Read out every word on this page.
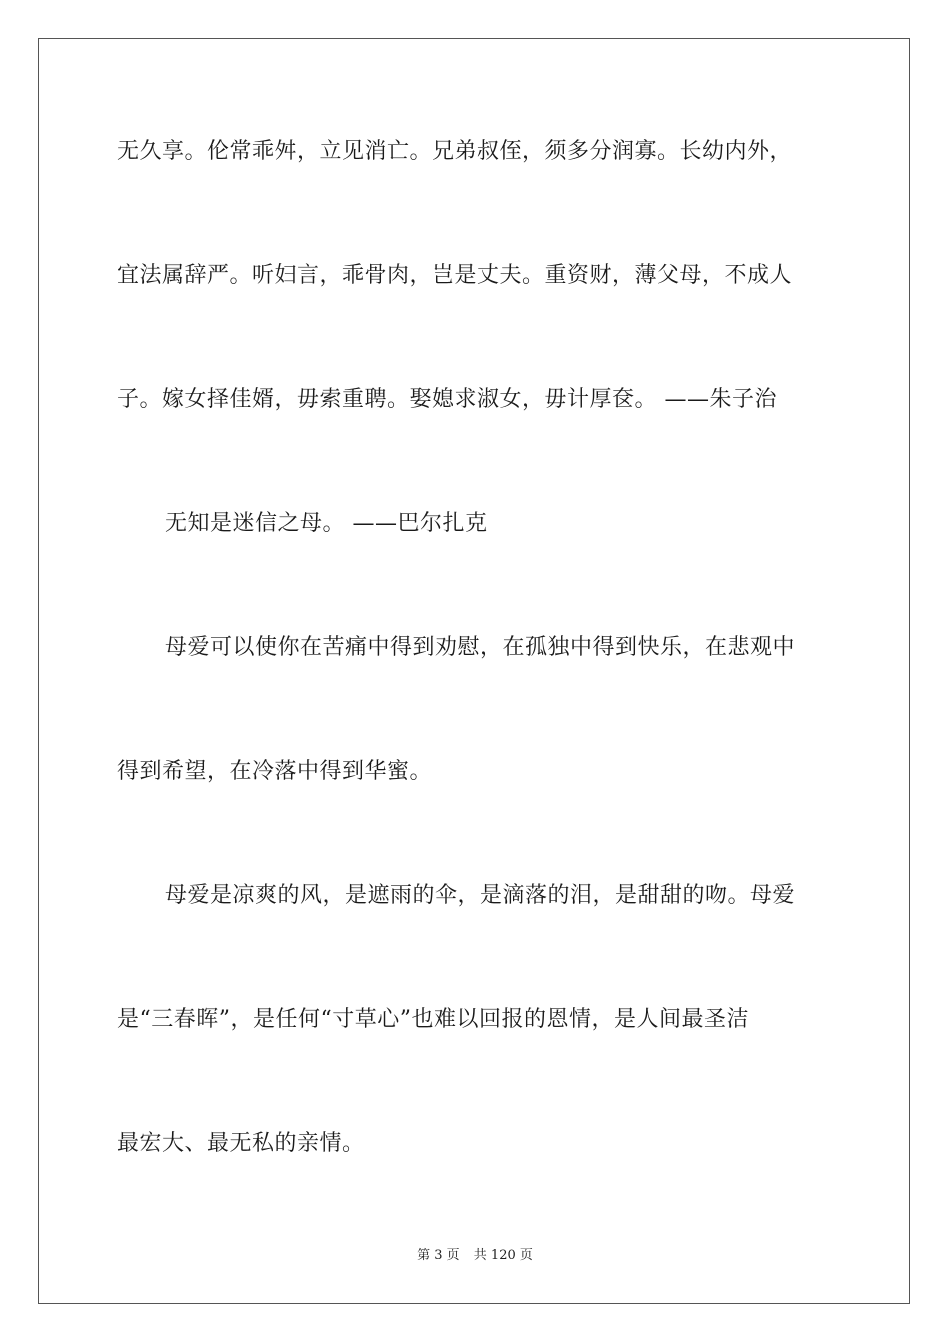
无久享。伦常乖舛，立见消亡。兄弟叔侄，须多分润寡。长幼内外，
宜法属辞严。听妇言，乖骨肉，岂是丈夫。重资财，薄父母，不成人
子。嫁女择佳婿，毋索重聘。娶媳求淑女，毋计厚奁。 ——朱子治
无知是迷信之母。 ——巴尔扎克
母爱可以使你在苦痛中得到劝慰，在孤独中得到快乐，在悲观中
得到希望，在冷落中得到华蜜。
母爱是凉爽的风，是遮雨的伞，是滴落的泪，是甜甜的吻。母爱
是“三春晖”，是任何“寸草心”也难以回报的恩情，是人间最圣洁
最宏大、最无私的亲情。
第 3 页 共 120 页
